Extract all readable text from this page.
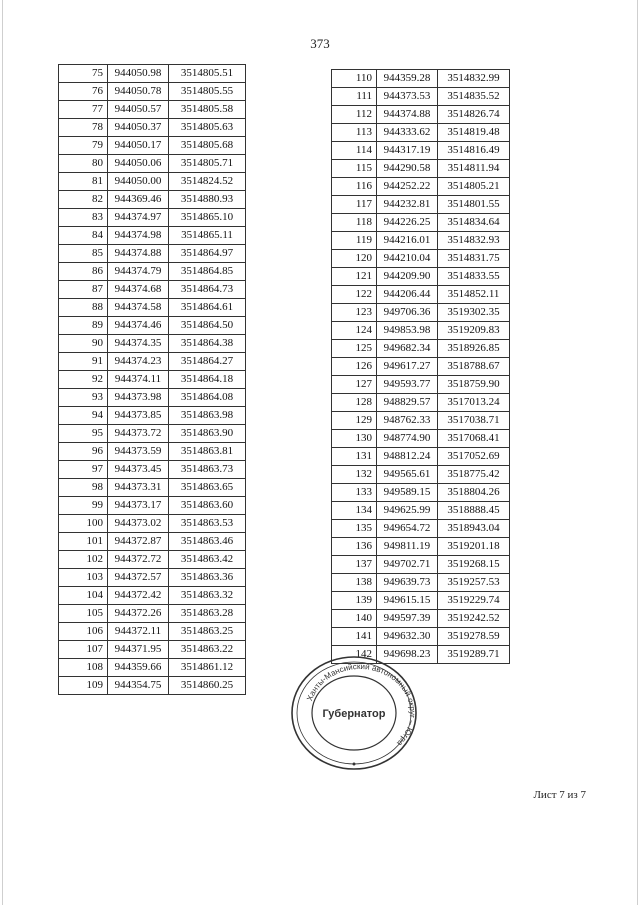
373
75	944050.98	3514805.51
76	944050.78	3514805.55
77	944050.57	3514805.58
78	944050.37	3514805.63
79	944050.17	3514805.68
80	944050.06	3514805.71
81	944050.00	3514824.52
82	944369.46	3514880.93
83	944374.97	3514865.10
84	944374.98	3514865.11
85	944374.88	3514864.97
86	944374.79	3514864.85
87	944374.68	3514864.73
88	944374.58	3514864.61
89	944374.46	3514864.50
90	944374.35	3514864.38
91	944374.23	3514864.27
92	944374.11	3514864.18
93	944373.98	3514864.08
94	944373.85	3514863.98
95	944373.72	3514863.90
96	944373.59	3514863.81
97	944373.45	3514863.73
98	944373.31	3514863.65
99	944373.17	3514863.60
100	944373.02	3514863.53
101	944372.87	3514863.46
102	944372.72	3514863.42
103	944372.57	3514863.36
104	944372.42	3514863.32
105	944372.26	3514863.28
106	944372.11	3514863.25
107	944371.95	3514863.22
108	944359.66	3514861.12
109	944354.75	3514860.25
110	944359.28	3514832.99
111	944373.53	3514835.52
112	944374.88	3514826.74
113	944333.62	3514819.48
114	944317.19	3514816.49
115	944290.58	3514811.94
116	944252.22	3514805.21
117	944232.81	3514801.55
118	944226.25	3514834.64
119	944216.01	3514832.93
120	944210.04	3514831.75
121	944209.90	3514833.55
122	944206.44	3514852.11
123	949706.36	3519302.35
124	949853.98	3519209.83
125	949682.34	3518926.85
126	949617.27	3518788.67
127	949593.77	3518759.90
128	948829.57	3517013.24
129	948762.33	3517038.71
130	948774.90	3517068.41
131	948812.24	3517052.69
132	949565.61	3518775.42
133	949589.15	3518804.26
134	949625.99	3518888.45
135	949654.72	3518943.04
136	949811.19	3519201.18
137	949702.71	3519268.15
138	949639.73	3519257.53
139	949615.15	3519229.74
140	949597.39	3519242.52
141	949632.30	3519278.59
142	949698.23	3519289.71
Ханты-Мансийский автономный округ – Югра
Губернатор
Лист 7 из 7
